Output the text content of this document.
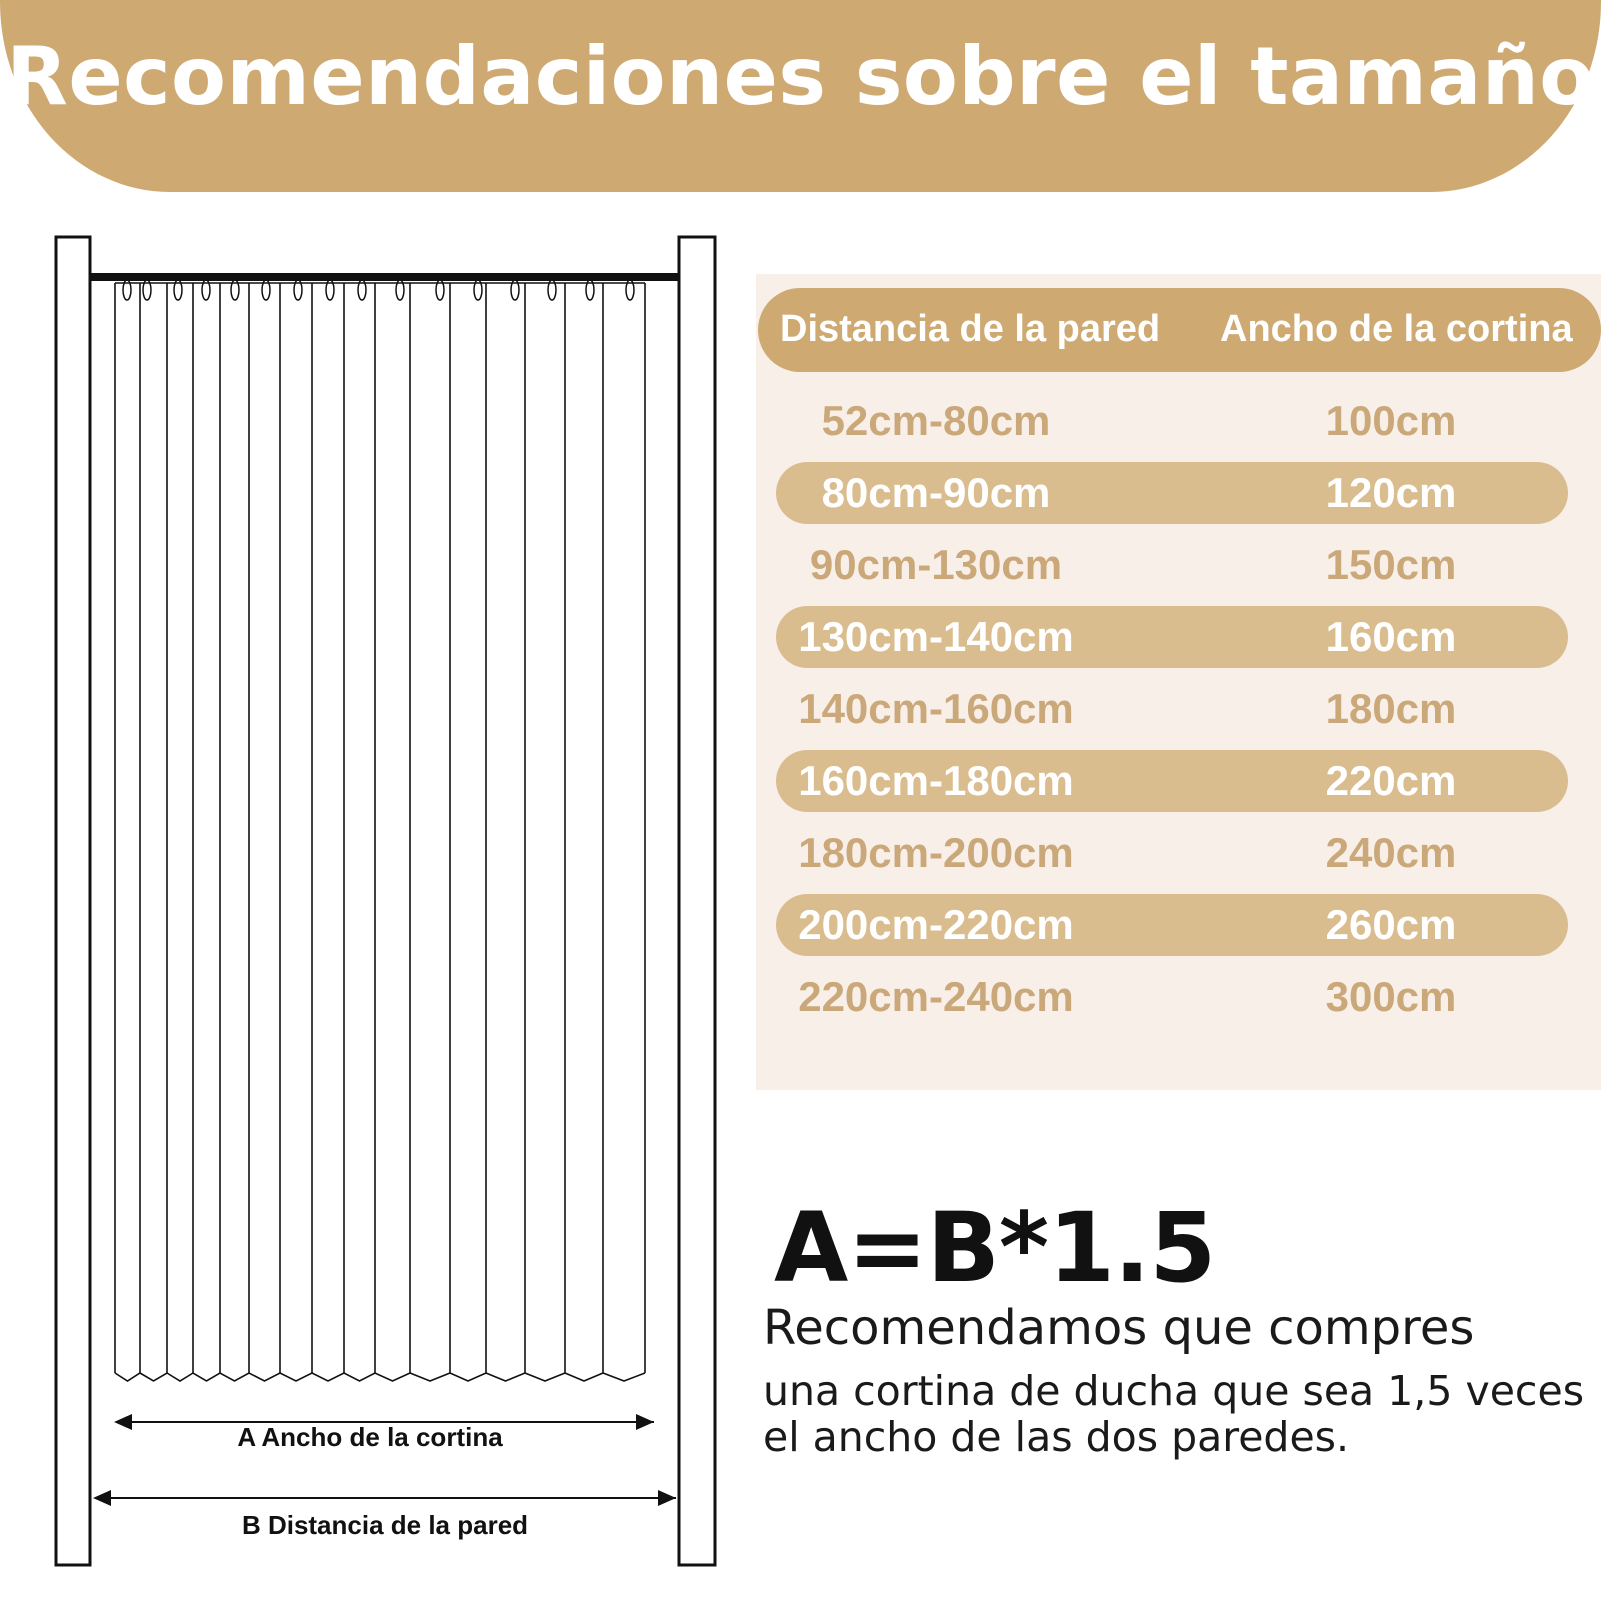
Recomendaciones sobre el tamaño
A Ancho de la cortina
B Distancia de la pared
Distancia de la pared Ancho de la cortina
52cm-80cm	100cm
80cm-90cm	120cm
90cm-130cm	150cm
130cm-140cm	160cm
140cm-160cm	180cm
160cm-180cm	220cm
180cm-200cm	240cm
200cm-220cm	260cm
220cm-240cm	300cm
A=B*1.5
Recomendamos que compres
una cortina de ducha que sea 1,5 veces el ancho de las dos paredes.
